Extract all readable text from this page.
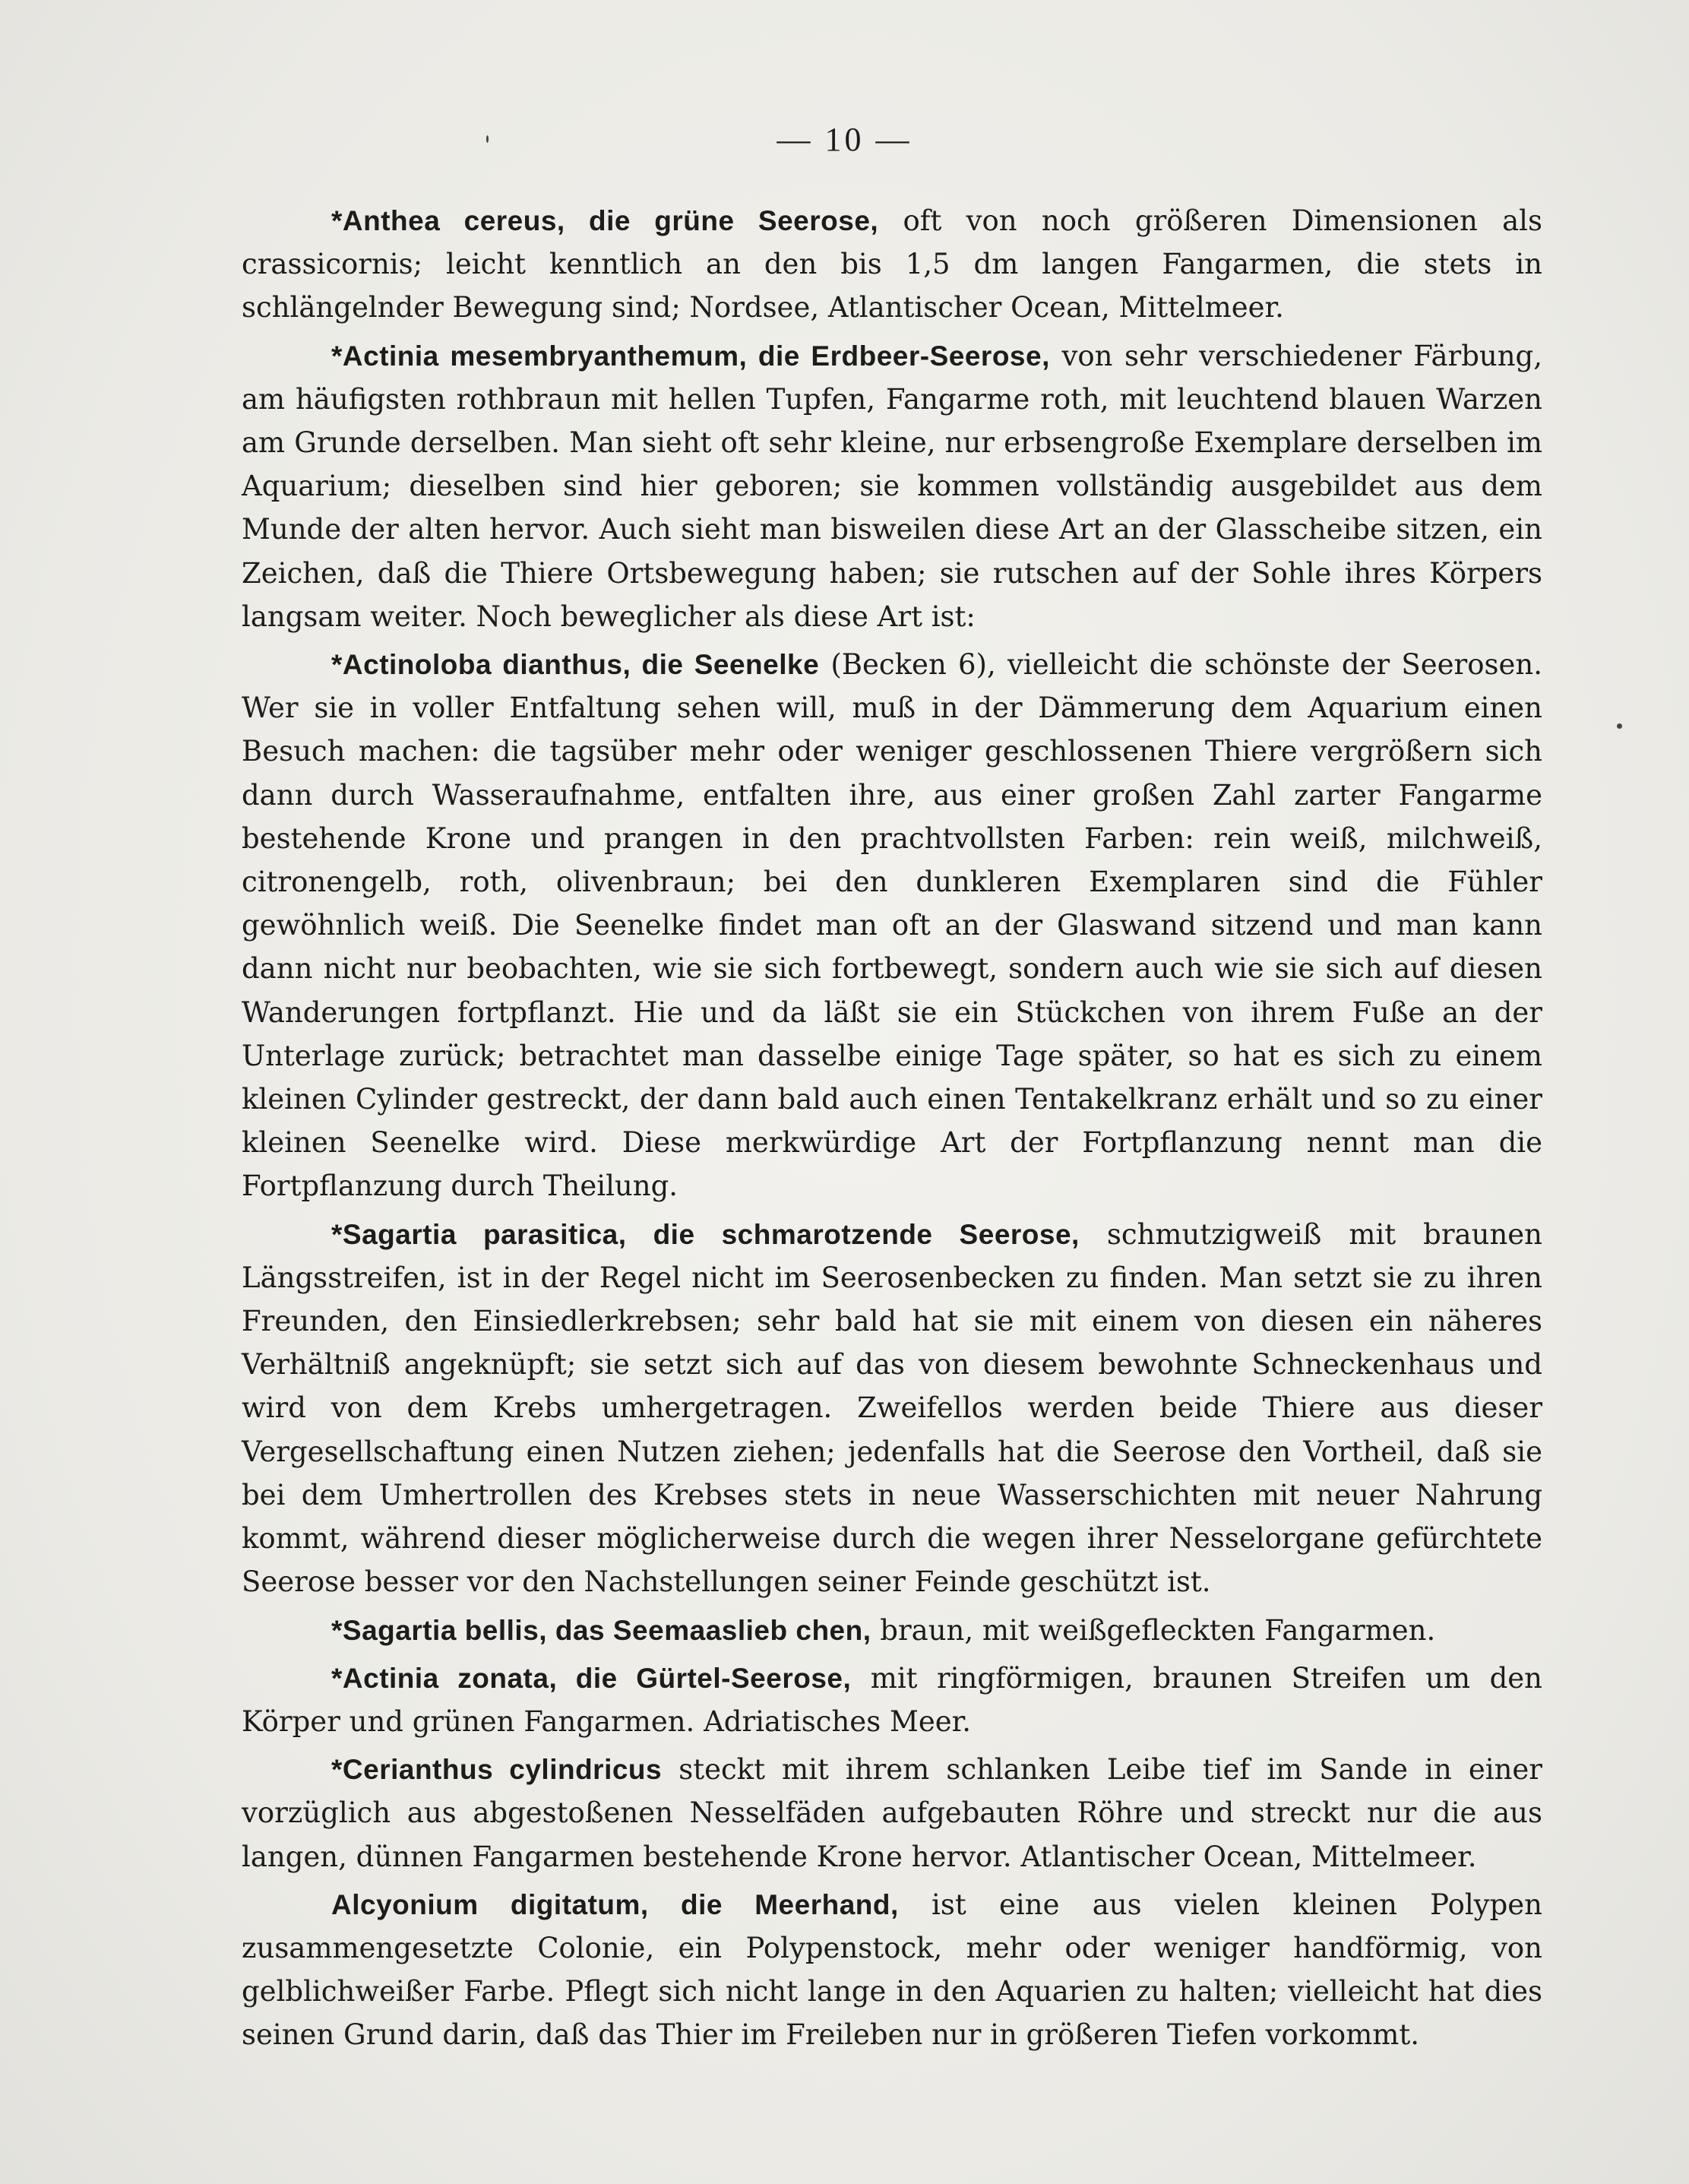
— 10 —

*Anthea cereus, die grüne Seerose, oft von noch größeren Dimensionen als crassicornis; leicht kenntlich an den bis 1,5 dm langen Fangarmen, die stets in schlängelnder Bewegung sind; Nordsee, Atlantischer Ocean, Mittelmeer.

*Actinia mesembryanthemum, die Erdbeer-Seerose, von sehr verschiedener Färbung, am häufigsten rothbraun mit hellen Tupfen, Fangarme roth, mit leuchtend blauen Warzen am Grunde derselben. Man sieht oft sehr kleine, nur erbsengroße Exemplare derselben im Aquarium; dieselben sind hier geboren; sie kommen vollständig ausgebildet aus dem Munde der alten hervor. Auch sieht man bisweilen diese Art an der Glasscheibe sitzen, ein Zeichen, daß die Thiere Ortsbewegung haben; sie rutschen auf der Sohle ihres Körpers langsam weiter. Noch beweglicher als diese Art ist:

*Actinoloba dianthus, die Seenelke (Becken 6), vielleicht die schönste der Seerosen. Wer sie in voller Entfaltung sehen will, muß in der Dämmerung dem Aquarium einen Besuch machen: die tagsüber mehr oder weniger geschlossenen Thiere vergrößern sich dann durch Wasseraufnahme, entfalten ihre, aus einer großen Zahl zarter Fangarme bestehende Krone und prangen in den prachtvollsten Farben: rein weiß, milchweiß, citronengelb, roth, olivenbraun; bei den dunkleren Exemplaren sind die Fühler gewöhnlich weiß. Die Seenelke findet man oft an der Glaswand sitzend und man kann dann nicht nur beobachten, wie sie sich fortbewegt, sondern auch wie sie sich auf diesen Wanderungen fortpflanzt. Hie und da läßt sie ein Stückchen von ihrem Fuße an der Unterlage zurück; betrachtet man dasselbe einige Tage später, so hat es sich zu einem kleinen Cylinder gestreckt, der dann bald auch einen Tentakelkranz erhält und so zu einer kleinen Seenelke wird. Diese merkwürdige Art der Fortpflanzung nennt man die Fortpflanzung durch Theilung.

*Sagartia parasitica, die schmarotzende Seerose, schmutzigweiß mit braunen Längsstreifen, ist in der Regel nicht im Seerosenbecken zu finden. Man setzt sie zu ihren Freunden, den Einsiedlerkrebsen; sehr bald hat sie mit einem von diesen ein näheres Verhältniß angeknüpft; sie setzt sich auf das von diesem bewohnte Schneckenhaus und wird von dem Krebs umhergetragen. Zweifellos werden beide Thiere aus dieser Vergesellschaftung einen Nutzen ziehen; jedenfalls hat die Seerose den Vortheil, daß sie bei dem Umhertrollen des Krebses stets in neue Wasserschichten mit neuer Nahrung kommt, während dieser möglicherweise durch die wegen ihrer Nesselorgane gefürchtete Seerose besser vor den Nachstellungen seiner Feinde geschützt ist.

*Sagartia bellis, das Seemaaslieb chen, braun, mit weißgefleckten Fangarmen.

*Actinia zonata, die Gürtel-Seerose, mit ringförmigen, braunen Streifen um den Körper und grünen Fangarmen. Adriatisches Meer.

*Cerianthus cylindricus steckt mit ihrem schlanken Leibe tief im Sande in einer vorzüglich aus abgestoßenen Nesselfäden aufgebauten Röhre und streckt nur die aus langen, dünnen Fangarmen bestehende Krone hervor. Atlantischer Ocean, Mittelmeer.

Alcyonium digitatum, die Meerhand, ist eine aus vielen kleinen Polypen zusammengesetzte Colonie, ein Polypenstock, mehr oder weniger handförmig, von gelblichweißer Farbe. Pflegt sich nicht lange in den Aquarien zu halten; vielleicht hat dies seinen Grund darin, daß das Thier im Freileben nur in größeren Tiefen vorkommt.
